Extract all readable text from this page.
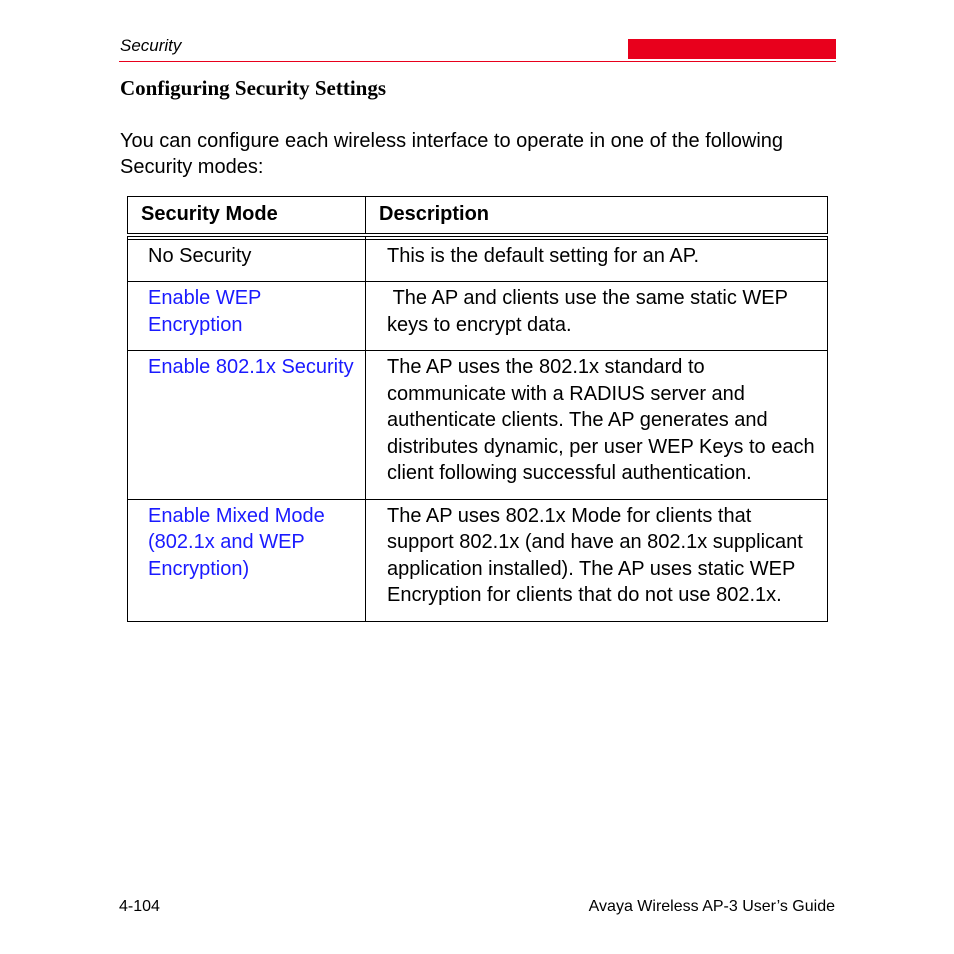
Security
Configuring Security Settings
You can configure each wireless interface to operate in one of the following Security modes:
Security Mode	Description

No Security	This is the default setting for an AP.
Enable WEP Encryption	The AP and clients use the same static WEP keys to encrypt data.
Enable 802.1x Security	The AP uses the 802.1x standard to communicate with a RADIUS server and authenticate clients. The AP generates and distributes dynamic, per user WEP Keys to each client following successful authentication.
Enable Mixed Mode (802.1x and WEP Encryption)	The AP uses 802.1x Mode for clients that support 802.1x (and have an 802.1x supplicant application installed). The AP uses static WEP Encryption for clients that do not use 802.1x.
4-104	Avaya Wireless AP-3 User’s Guide
